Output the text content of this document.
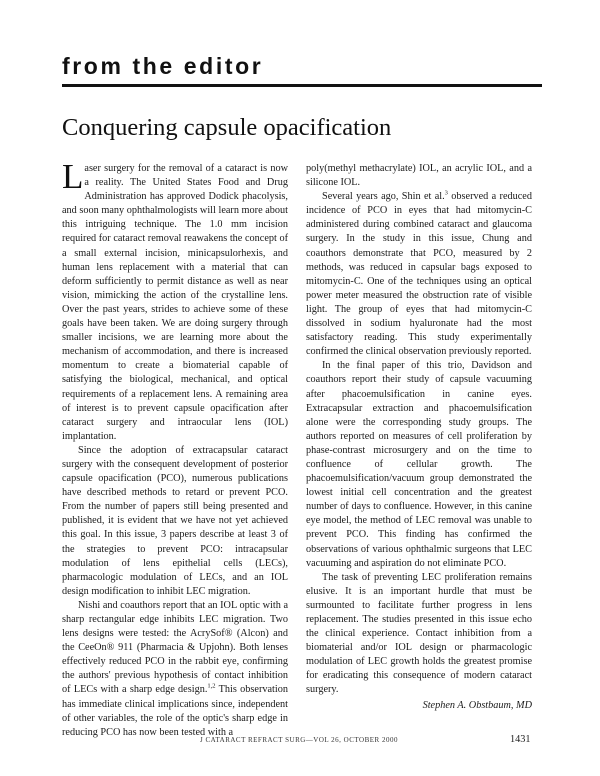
from the editor
Conquering capsule opacification

Laser surgery for the removal of a cataract is now a reality. The United States Food and Drug Administration has approved Dodick phacolysis, and soon many ophthalmologists will learn more about this intriguing technique. The 1.0 mm incision required for cataract removal reawakens the concept of a small external incision, minicapsulorhexis, and human lens replacement with a material that can deform sufficiently to permit distance as well as near vision, mimicking the action of the crystalline lens. Over the past years, strides to achieve some of these goals have been taken. We are doing surgery through smaller incisions, we are learning more about the mechanism of accommodation, and there is increased momentum to create a biomaterial capable of satisfying the biological, mechanical, and optical requirements of a replacement lens. A remaining area of interest is to prevent capsule opacification after cataract surgery and intraocular lens (IOL) implantation.

Since the adoption of extracapsular cataract surgery with the consequent development of posterior capsule opacification (PCO), numerous publications have described methods to retard or prevent PCO. From the number of papers still being presented and published, it is evident that we have not yet achieved this goal. In this issue, 3 papers describe at least 3 of the strategies to prevent PCO: intracapsular modulation of lens epithelial cells (LECs), pharmacologic modulation of LECs, and an IOL design modification to inhibit LEC migration.

Nishi and coauthors report that an IOL optic with a sharp rectangular edge inhibits LEC migration. Two lens designs were tested: the AcrySof® (Alcon) and the CeeOn® 911 (Pharmacia & Upjohn). Both lenses effectively reduced PCO in the rabbit eye, confirming the authors' previous hypothesis of contact inhibition of LECs with a sharp edge design.$^{1,2}$ This observation has immediate clinical implications since, independent of other variables, the role of the optic's sharp edge in reducing PCO has now been tested with a

poly(methyl methacrylate) IOL, an acrylic IOL, and a silicone IOL.

Several years ago, Shin et al.$^3$ observed a reduced incidence of PCO in eyes that had mitomycin-C administered during combined cataract and glaucoma surgery. In the study in this issue, Chung and coauthors demonstrate that PCO, measured by 2 methods, was reduced in capsular bags exposed to mitomycin-C. One of the techniques using an optical power meter measured the obstruction rate of visible light. The group of eyes that had mitomycin-C dissolved in sodium hyaluronate had the most satisfactory reading. This study experimentally confirmed the clinical observation previously reported.

In the final paper of this trio, Davidson and coauthors report their study of capsule vacuuming after phacoemulsification in canine eyes. Extracapsular extraction and phacoemulsification alone were the corresponding study groups. The authors reported on measures of cell proliferation by phase-contrast microsurgery and on the time to confluence of cellular growth. The phacoemulsification/vacuum group demonstrated the lowest initial cell concentration and the greatest number of days to confluence. However, in this canine eye model, the method of LEC removal was unable to prevent PCO. This finding has confirmed the observations of various ophthalmic surgeons that LEC vacuuming and aspiration do not eliminate PCO.

The task of preventing LEC proliferation remains elusive. It is an important hurdle that must be surmounted to facilitate further progress in lens replacement. The studies presented in this issue echo the clinical experience. Contact inhibition from a biomaterial and/or IOL design or pharmacologic modulation of LEC growth holds the greatest promise for eradicating this consequence of modern cataract surgery.

Stephen A. Obstbaum, MD
J CATARACT REFRACT SURG—VOL 26, OCTOBER 2000	1431
